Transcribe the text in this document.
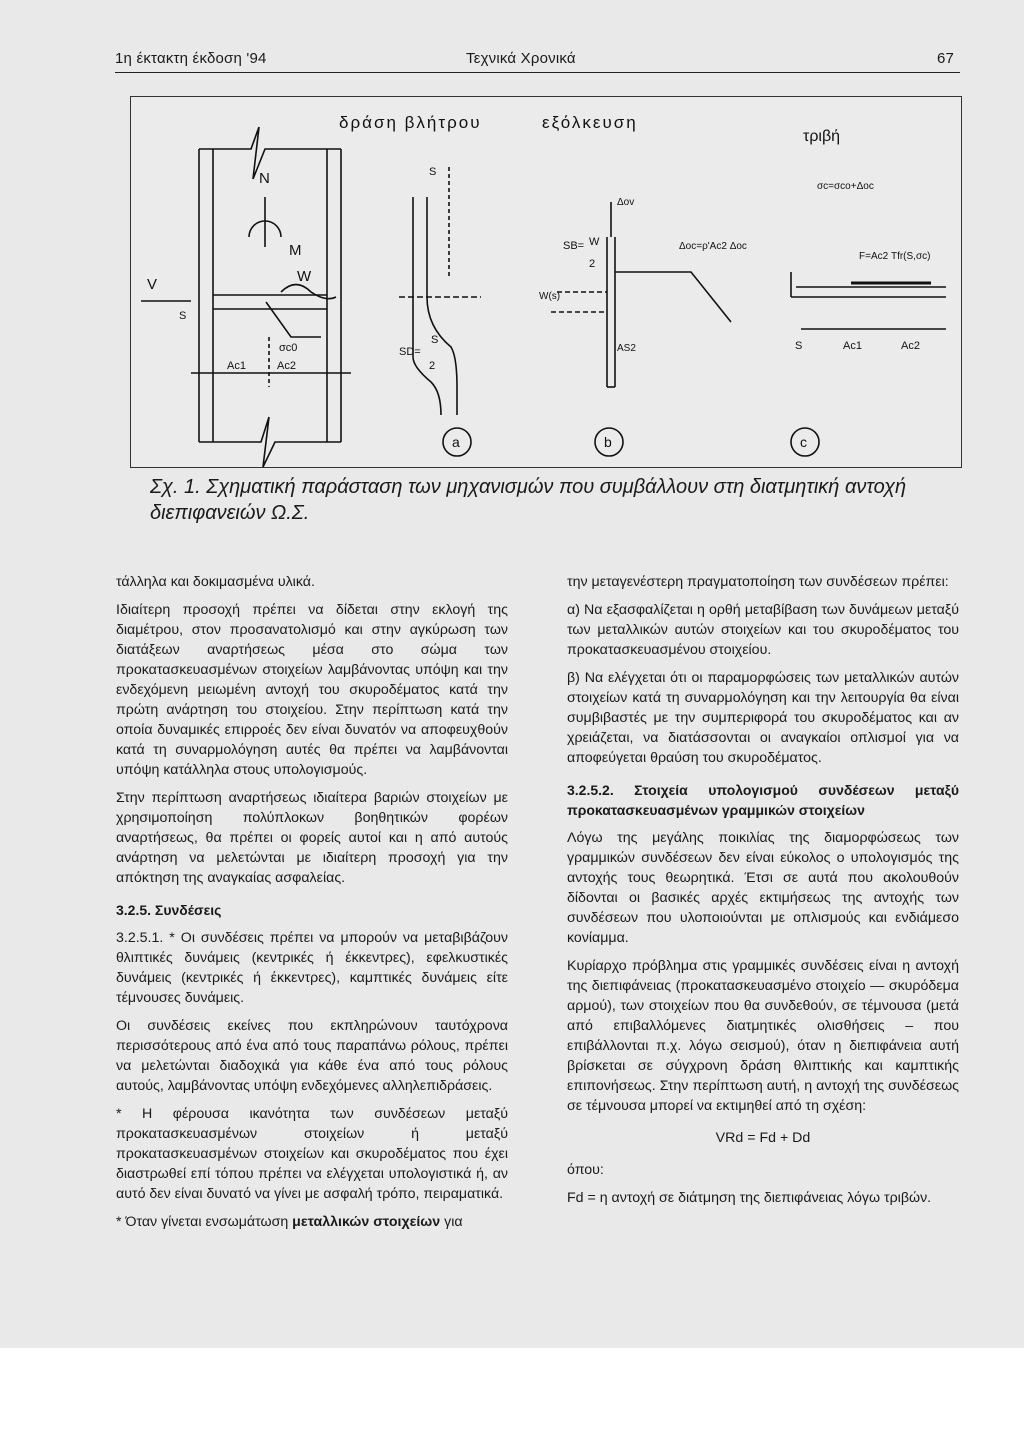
1η έκτακτη έκδοση '94	Τεχνικά Χρονικά	67
δράση βλήτρου	εξόλκευση
τριβή
N
M
V	W
S
σc0
Ac1	Ac2
S
S
SD=
2
Δov
SB= W
2
W(s)
Δoc=ρ'Ac2 Δoc
AS2
σc=σco+Δoc
F=Ac2 Τfr(S,σc)
S	Ac1	Ac2
a	b	c
Σχ. 1. Σχηματική παράσταση των μηχανισμών που συμβάλλουν στη διατμητική αντοχή διεπιφανειών Ω.Σ.

τάλληλα και δοκιμασμένα υλικά.

Ιδιαίτερη προσοχή πρέπει να δίδεται στην εκλογή της διαμέτρου, στον προσανατολισμό και στην αγκύρωση των διατάξεων αναρτήσεως μέσα στο σώμα των προκατασκευασμένων στοιχείων λαμβάνοντας υπόψη και την ενδεχόμενη μειωμένη αντοχή του σκυροδέματος κατά την πρώτη ανάρτηση του στοιχείου. Στην περίπτωση κατά την οποία δυναμικές επιρροές δεν είναι δυνατόν να αποφευχθούν κατά τη συναρμολόγηση αυτές θα πρέπει να λαμβάνονται υπόψη κατάλληλα στους υπολογισμούς.

Στην περίπτωση αναρτήσεως ιδιαίτερα βαριών στοιχείων με χρησιμοποίηση πολύπλοκων βοηθητικών φορέων αναρτήσεως, θα πρέπει οι φορείς αυτοί και η από αυτούς ανάρτηση να μελετώνται με ιδιαίτερη προσοχή για την απόκτηση της αναγκαίας ασφαλείας.

3.2.5. Συνδέσεις

3.2.5.1. * Οι συνδέσεις πρέπει να μπορούν να μεταβιβάζουν θλιπτικές δυνάμεις (κεντρικές ή έκκεντρες), εφελκυστικές δυνάμεις (κεντρικές ή έκκεντρες), καμπτικές δυνάμεις είτε τέμνουσες δυνάμεις.

Οι συνδέσεις εκείνες που εκπληρώνουν ταυτόχρονα περισσότερους από ένα από τους παραπάνω ρόλους, πρέπει να μελετώνται διαδοχικά για κάθε ένα από τους ρόλους αυτούς, λαμβάνοντας υπόψη ενδεχόμενες αλληλεπιδράσεις.

* Η φέρουσα ικανότητα των συνδέσεων μεταξύ προκατασκευασμένων στοιχείων ή μεταξύ προκατασκευασμένων στοιχείων και σκυροδέματος που έχει διαστρωθεί επί τόπου πρέπει να ελέγχεται υπολογιστικά ή, αν αυτό δεν είναι δυνατό να γίνει με ασφαλή τρόπο, πειραματικά.

* Όταν γίνεται ενσωμάτωση μεταλλικών στοιχείων για

την μεταγενέστερη πραγματοποίηση των συνδέσεων πρέπει:

α) Να εξασφαλίζεται η ορθή μεταβίβαση των δυνάμεων μεταξύ των μεταλλικών αυτών στοιχείων και του σκυροδέματος του προκατασκευασμένου στοιχείου.

β) Να ελέγχεται ότι οι παραμορφώσεις των μεταλλικών αυτών στοιχείων κατά τη συναρμολόγηση και την λειτουργία θα είναι συμβιβαστές με την συμπεριφορά του σκυροδέματος και αν χρειάζεται, να διατάσσονται οι αναγκαίοι οπλισμοί για να αποφεύγεται θραύση του σκυροδέματος.

3.2.5.2. Στοιχεία υπολογισμού συνδέσεων μεταξύ προκατασκευασμένων γραμμικών στοιχείων

Λόγω της μεγάλης ποικιλίας της διαμορφώσεως των γραμμικών συνδέσεων δεν είναι εύκολος ο υπολογισμός της αντοχής τους θεωρητικά. Έτσι σε αυτά που ακολουθούν δίδονται οι βασικές αρχές εκτιμήσεως της αντοχής των συνδέσεων που υλοποιούνται με οπλισμούς και ενδιάμεσο κονίαμμα.

Κυρίαρχο πρόβλημα στις γραμμικές συνδέσεις είναι η αντοχή της διεπιφάνειας (προκατασκευασμένο στοιχείο — σκυρόδεμα αρμού), των στοιχείων που θα συνδεθούν, σε τέμνουσα (μετά από επιβαλλόμενες διατμητικές ολισθήσεις – που επιβάλλονται π.χ. λόγω σεισμού), όταν η διεπιφάνεια αυτή βρίσκεται σε σύγχρονη δράση θλιπτικής και καμπτικής επιπονήσεως. Στην περίπτωση αυτή, η αντοχή της συνδέσεως σε τέμνουσα μπορεί να εκτιμηθεί από τη σχέση:

VRd = Fd + Dd

όπου:

Fd = η αντοχή σε διάτμηση της διεπιφάνειας λόγω τριβών.
